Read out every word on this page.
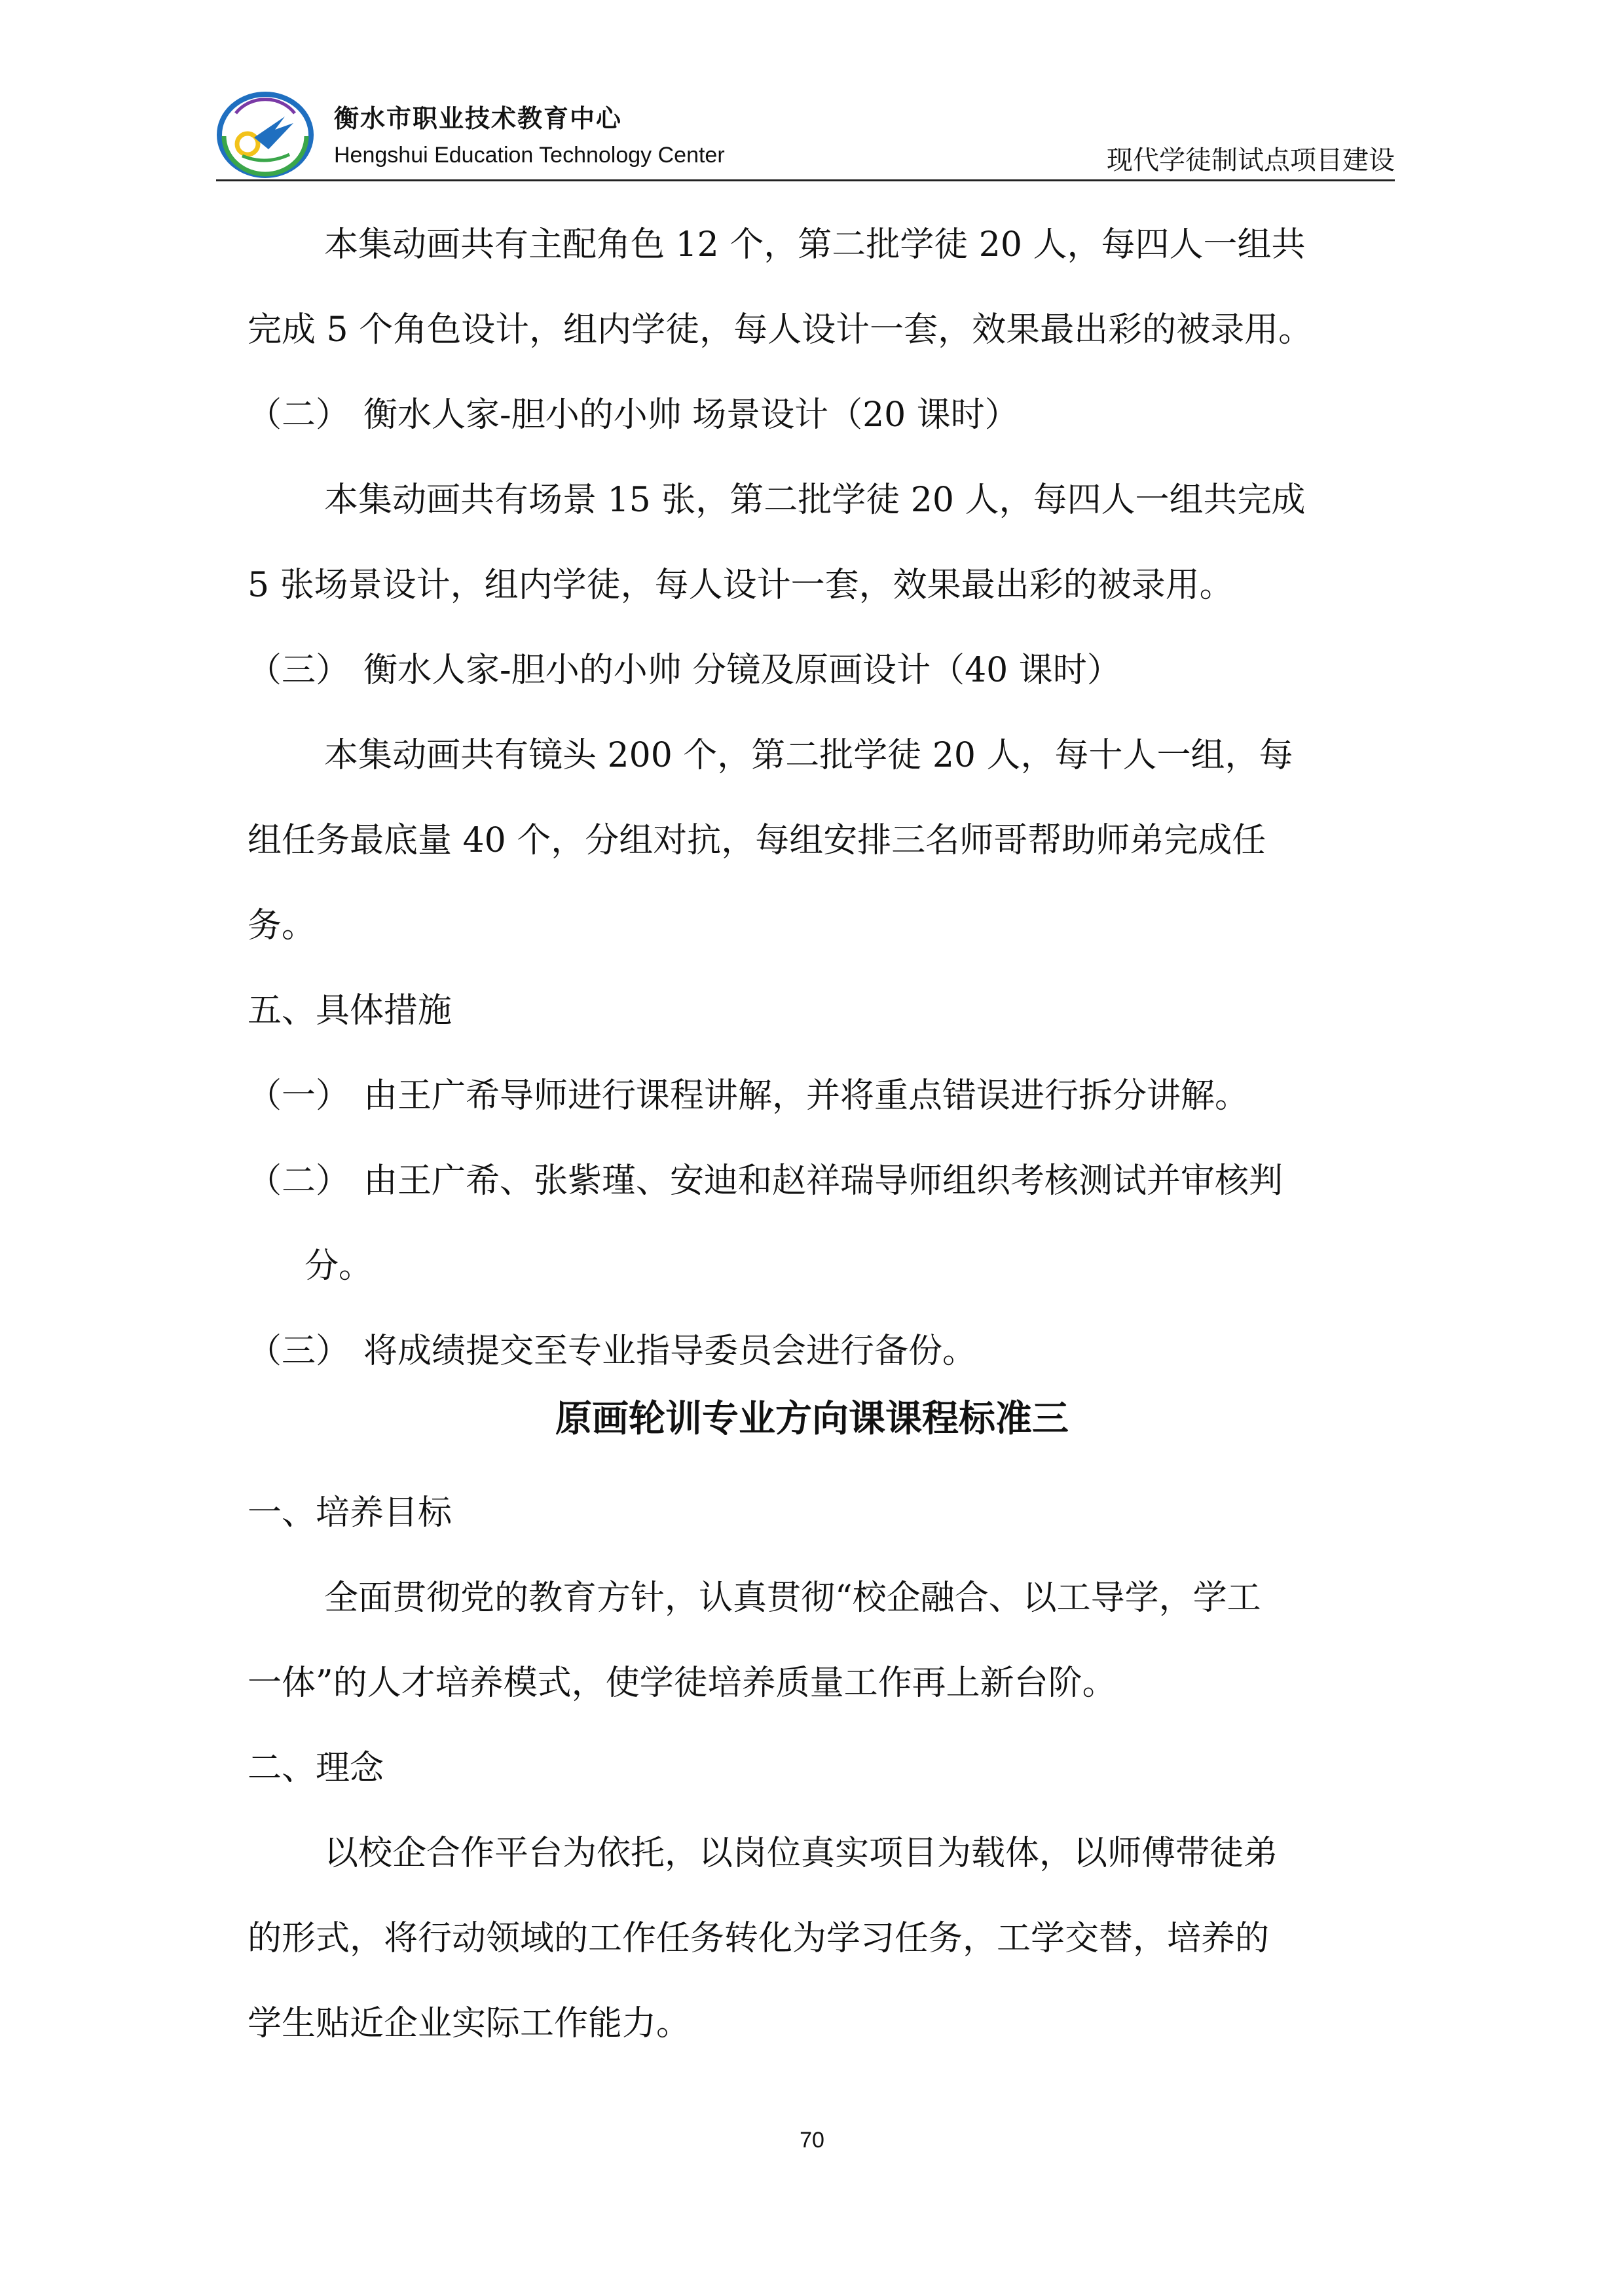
衡水市职业技术教育中心
Hengshui Education Technology Center	现代学徒制试点项目建设
本集动画共有主配角色 12 个，第二批学徒 20 人，每四人一组共
完成 5 个角色设计，组内学徒，每人设计一套，效果最出彩的被录用。
（二） 衡水人家-胆小的小帅 场景设计（20 课时）
本集动画共有场景 15 张，第二批学徒 20 人，每四人一组共完成
5 张场景设计，组内学徒，每人设计一套，效果最出彩的被录用。
（三） 衡水人家-胆小的小帅 分镜及原画设计（40 课时）
本集动画共有镜头 200 个，第二批学徒 20 人，每十人一组，每
组任务最底量 40 个，分组对抗，每组安排三名师哥帮助师弟完成任
务。
五、具体措施
（一） 由王广希导师进行课程讲解，并将重点错误进行拆分讲解。
（二） 由王广希、张紫瑾、安迪和赵祥瑞导师组织考核测试并审核判
分。
（三） 将成绩提交至专业指导委员会进行备份。
原画轮训专业方向课课程标准三
一、培养目标
全面贯彻党的教育方针，认真贯彻“校企融合、以工导学，学工
一体”的人才培养模式，使学徒培养质量工作再上新台阶。
二、理念
以校企合作平台为依托，以岗位真实项目为载体，以师傅带徒弟
的形式，将行动领域的工作任务转化为学习任务，工学交替，培养的
学生贴近企业实际工作能力。
70
